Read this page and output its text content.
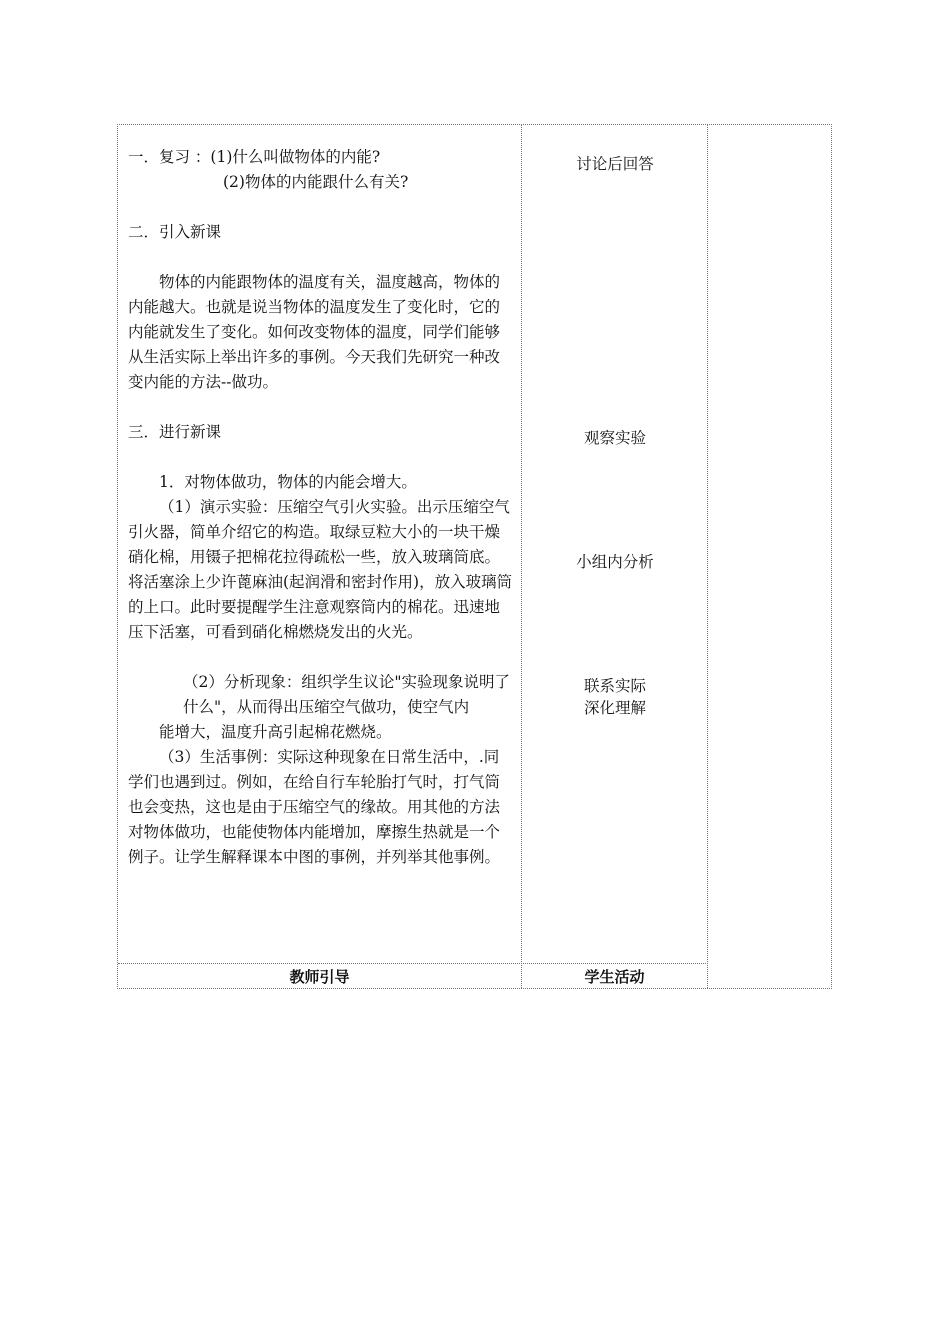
一．复习 ：(1)什么叫做物体的内能?

(2)物体的内能跟什么有关?

二．引入新课

物体的内能跟物体的温度有关，温度越高，物体的内能越大。也就是说当物体的温度发生了变化时，它的内能就发生了变化。如何改变物体的温度，同学们能够从生活实际上举出许多的事例。今天我们先研究一种改变内能的方法--做功。

三．进行新课

1．对物体做功，物体的内能会增大。

（1）演示实验：压缩空气引火实验。出示压缩空气引火器，简单介绍它的构造。取绿豆粒大小的一块干燥硝化棉，用镊子把棉花拉得疏松一些，放入玻璃筒底。将活塞涂上少许蓖麻油(起润滑和密封作用)，放入玻璃筒的上口。此时要提醒学生注意观察筒内的棉花。迅速地压下活塞，可看到硝化棉燃烧发出的火光。

（2）分析现象：组织学生议论"实验现象说明了什么"，从而得出压缩空气做功，使空气内

能增大，温度升高引起棉花燃烧。

（3）生活事例：实际这种现象在日常生活中，.同学们也遇到过。例如，在给自行车轮胎打气时，打气筒也会变热，这也是由于压缩空气的缘故。用其他的方法对物体做功，也能使物体内能增加，摩擦生热就是一个例子。让学生解释课本中图的事例，并列举其他事例。

讨论后回答
观察实验
小组内分析
联系实际
深化理解
教师引导	学生活动
